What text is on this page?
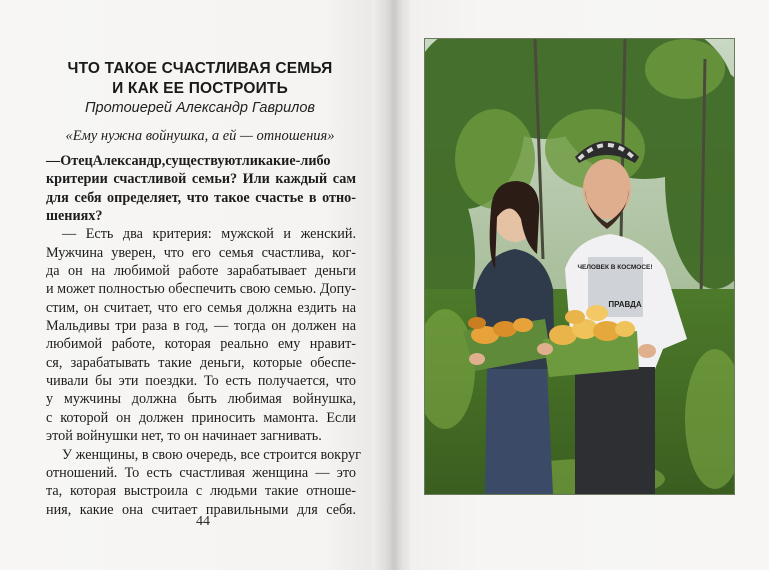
ЧТО ТАКОЕ СЧАСТЛИВАЯ СЕМЬЯ
И КАК ЕЕ ПОСТРОИТЬ
Протоиерей Александр Гаврилов
«Ему нужна войнушка, а ей — отношения»
—ОтецАлександр,существуютликакие-либо
критерии счастливой семьи? Или каждый сам
для себя определяет, что такое счастье в отно-
шениях?
— Есть два критерия: мужской и женский.
Мужчина уверен, что его семья счастлива, ког-
да он на любимой работе зарабатывает деньги
и может полностью обеспечить свою семью. Допу-
стим, он считает, что его семья должна ездить на
Мальдивы три раза в год, — тогда он должен на
любимой работе, которая реально ему нравит-
ся, зарабатывать такие деньги, которые обеспе-
чивали бы эти поездки. То есть получается, что
у мужчины должна быть любимая войнушка,
с которой он должен приносить мамонта. Если
этой войнушки нет, то он начинает загнивать.
У женщины, в свою очередь, все строится вокруг
отношений. То есть счастливая женщина — это
та, которая выстроила с людьми такие отноше-
ния, какие она считает правильными для себя.
44
ЧЕЛОВЕК В КОСМОСЕ!
ПРАВДА
